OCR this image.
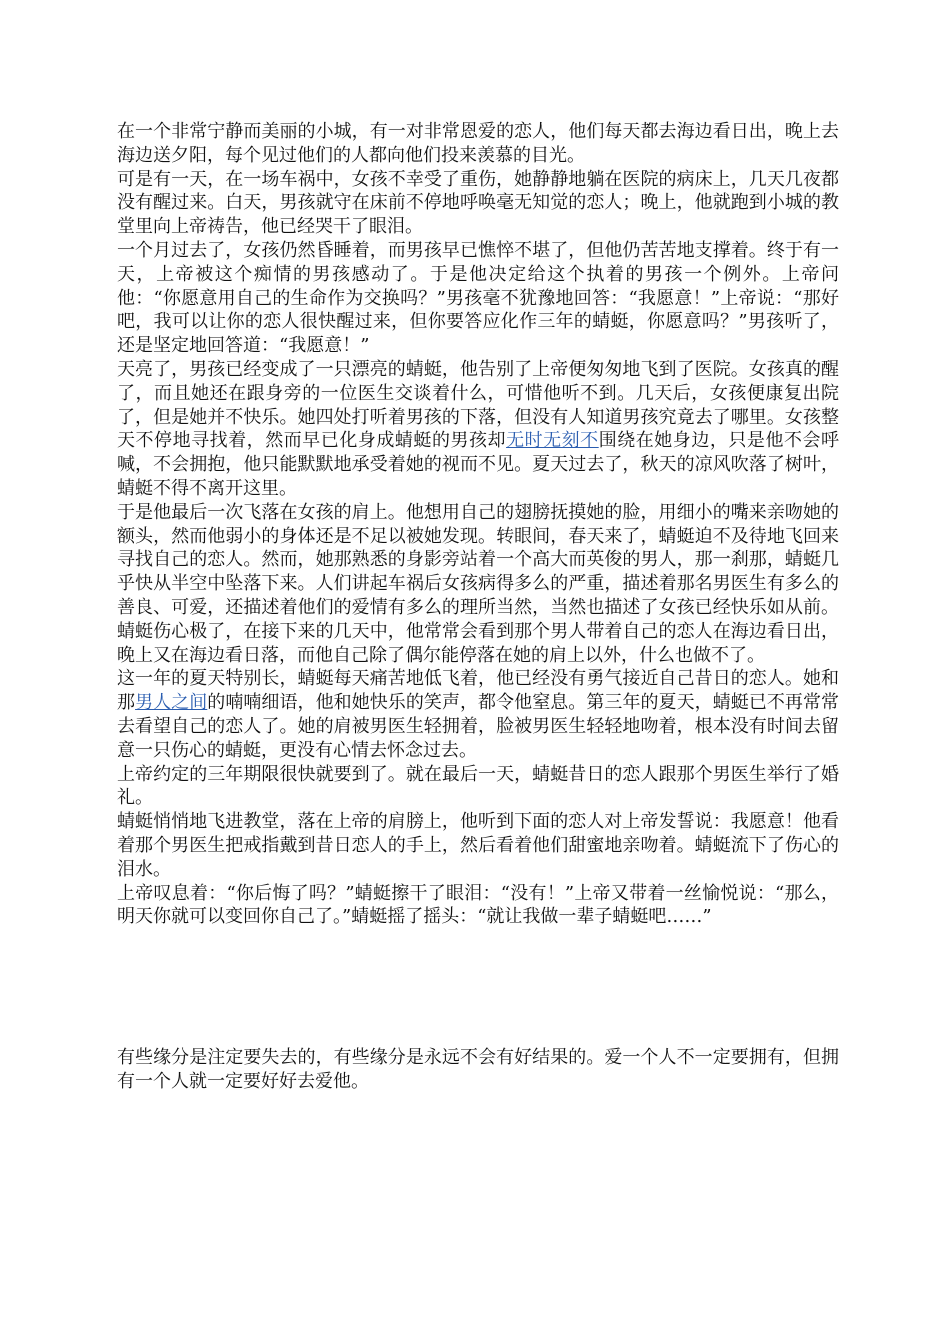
在一个非常宁静而美丽的小城，有一对非常恩爱的恋人，他们每天都去海边看日出，晚上去海边送夕阳，每个见过他们的人都向他们投来羡慕的目光。

可是有一天，在一场车祸中，女孩不幸受了重伤，她静静地躺在医院的病床上，几天几夜都没有醒过来。白天，男孩就守在床前不停地呼唤毫无知觉的恋人；晚上，他就跑到小城的教堂里向上帝祷告，他已经哭干了眼泪。

一个月过去了，女孩仍然昏睡着，而男孩早已憔悴不堪了，但他仍苦苦地支撑着。终于有一天，上帝被这个痴情的男孩感动了。于是他决定给这个执着的男孩一个例外。上帝问他：“你愿意用自己的生命作为交换吗？”男孩毫不犹豫地回答：“我愿意！”上帝说：“那好吧，我可以让你的恋人很快醒过来，但你要答应化作三年的蜻蜓，你愿意吗？”男孩听了，还是坚定地回答道：“我愿意！”

天亮了，男孩已经变成了一只漂亮的蜻蜓，他告别了上帝便匆匆地飞到了医院。女孩真的醒了，而且她还在跟身旁的一位医生交谈着什么，可惜他听不到。几天后，女孩便康复出院了，但是她并不快乐。她四处打听着男孩的下落，但没有人知道男孩究竟去了哪里。女孩整天不停地寻找着，然而早已化身成蜻蜓的男孩却无时无刻不围绕在她身边，只是他不会呼喊，不会拥抱，他只能默默地承受着她的视而不见。夏天过去了，秋天的凉风吹落了树叶，蜻蜓不得不离开这里。

于是他最后一次飞落在女孩的肩上。他想用自己的翅膀抚摸她的脸，用细小的嘴来亲吻她的额头，然而他弱小的身体还是不足以被她发现。转眼间，春天来了，蜻蜓迫不及待地飞回来寻找自己的恋人。然而，她那熟悉的身影旁站着一个高大而英俊的男人，那一刹那，蜻蜓几乎快从半空中坠落下来。人们讲起车祸后女孩病得多么的严重，描述着那名男医生有多么的善良、可爱，还描述着他们的爱情有多么的理所当然，当然也描述了女孩已经快乐如从前。蜻蜓伤心极了，在接下来的几天中，他常常会看到那个男人带着自己的恋人在海边看日出，晚上又在海边看日落，而他自己除了偶尔能停落在她的肩上以外，什么也做不了。

这一年的夏天特别长，蜻蜓每天痛苦地低飞着，他已经没有勇气接近自己昔日的恋人。她和那男人之间的喃喃细语，他和她快乐的笑声，都令他窒息。第三年的夏天，蜻蜓已不再常常去看望自己的恋人了。她的肩被男医生轻拥着，脸被男医生轻轻地吻着，根本没有时间去留意一只伤心的蜻蜓，更没有心情去怀念过去。

上帝约定的三年期限很快就要到了。就在最后一天，蜻蜓昔日的恋人跟那个男医生举行了婚礼。

蜻蜓悄悄地飞进教堂，落在上帝的肩膀上，他听到下面的恋人对上帝发誓说：我愿意！他看着那个男医生把戒指戴到昔日恋人的手上，然后看着他们甜蜜地亲吻着。蜻蜓流下了伤心的泪水。

上帝叹息着：“你后悔了吗？”蜻蜓擦干了眼泪：“没有！”上帝又带着一丝愉悦说：“那么，明天你就可以变回你自己了。”蜻蜓摇了摇头：“就让我做一辈子蜻蜓吧……”

有些缘分是注定要失去的，有些缘分是永远不会有好结果的。爱一个人不一定要拥有，但拥有一个人就一定要好好去爱他。
